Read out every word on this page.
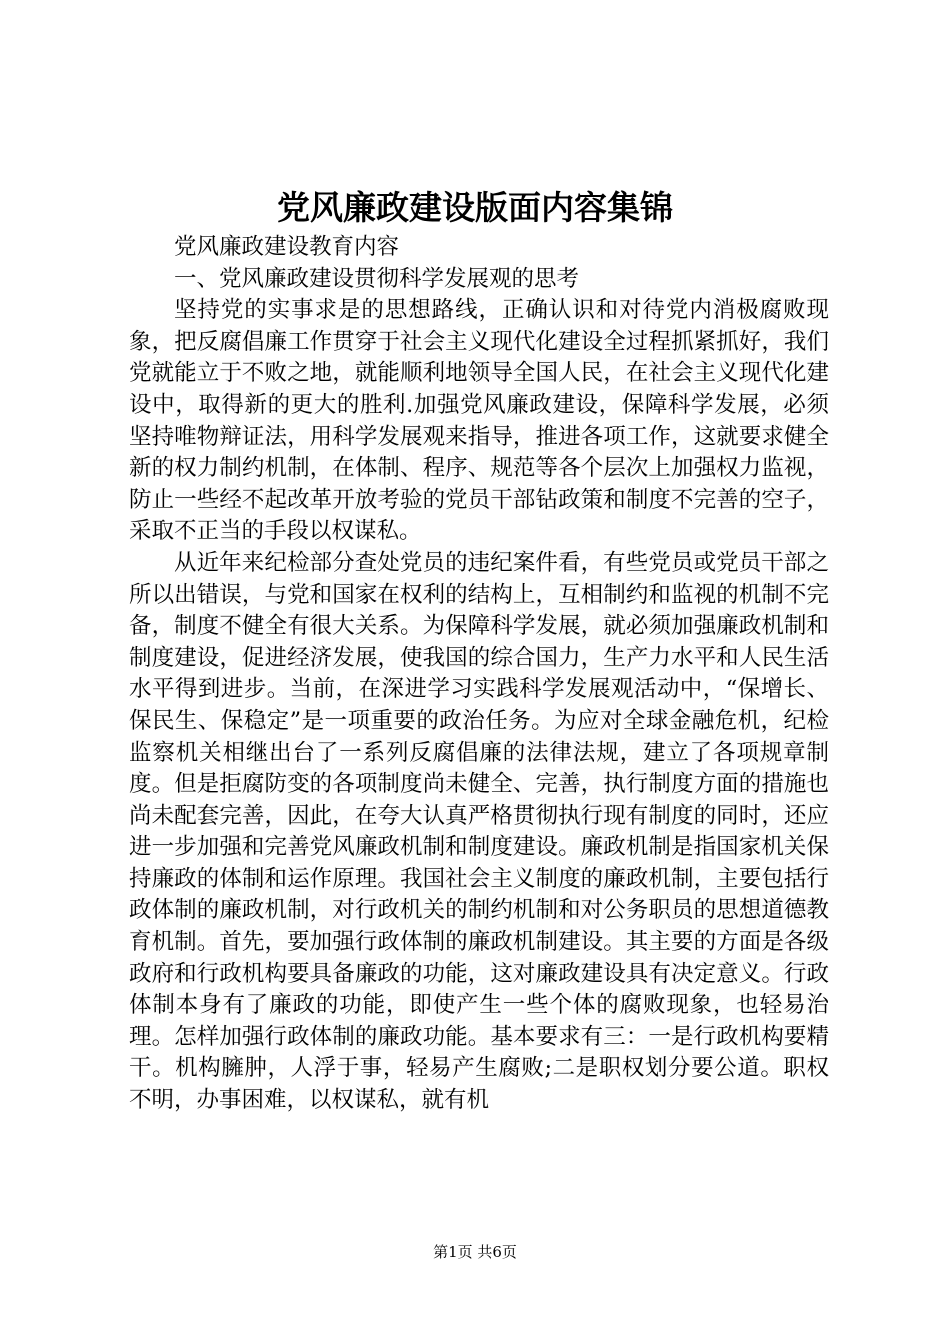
党风廉政建设版面内容集锦

党风廉政建设教育内容

一、党风廉政建设贯彻科学发展观的思考

坚持党的实事求是的思想路线，正确认识和对待党内消极腐败现象，把反腐倡廉工作贯穿于社会主义现代化建设全过程抓紧抓好，我们党就能立于不败之地，就能顺利地领导全国人民，在社会主义现代化建设中，取得新的更大的胜利.加强党风廉政建设，保障科学发展，必须坚持唯物辩证法，用科学发展观来指导，推进各项工作，这就要求健全新的权力制约机制，在体制、程序、规范等各个层次上加强权力监视，防止一些经不起改革开放考验的党员干部钻政策和制度不完善的空子，采取不正当的手段以权谋私。

从近年来纪检部分查处党员的违纪案件看，有些党员或党员干部之所以出错误，与党和国家在权利的结构上，互相制约和监视的机制不完备，制度不健全有很大关系。为保障科学发展，就必须加强廉政机制和制度建设，促进经济发展，使我国的综合国力，生产力水平和人民生活水平得到进步。当前，在深进学习实践科学发展观活动中，“保增长、保民生、保稳定”是一项重要的政治任务。为应对全球金融危机，纪检监察机关相继出台了一系列反腐倡廉的法律法规，建立了各项规章制度。但是拒腐防变的各项制度尚未健全、完善，执行制度方面的措施也尚未配套完善，因此，在夸大认真严格贯彻执行现有制度的同时，还应进一步加强和完善党风廉政机制和制度建设。廉政机制是指国家机关保持廉政的体制和运作原理。我国社会主义制度的廉政机制，主要包括行政体制的廉政机制，对行政机关的制约机制和对公务职员的思想道德教育机制。首先，要加强行政体制的廉政机制建设。其主要的方面是各级政府和行政机构要具备廉政的功能，这对廉政建设具有决定意义。行政体制本身有了廉政的功能，即使产生一些个体的腐败现象，也轻易治理。怎样加强行政体制的廉政功能。基本要求有三：一是行政机构要精干。机构臃肿，人浮于事，轻易产生腐败;二是职权划分要公道。职权不明，办事困难，以权谋私，就有机

第1页 共6页
